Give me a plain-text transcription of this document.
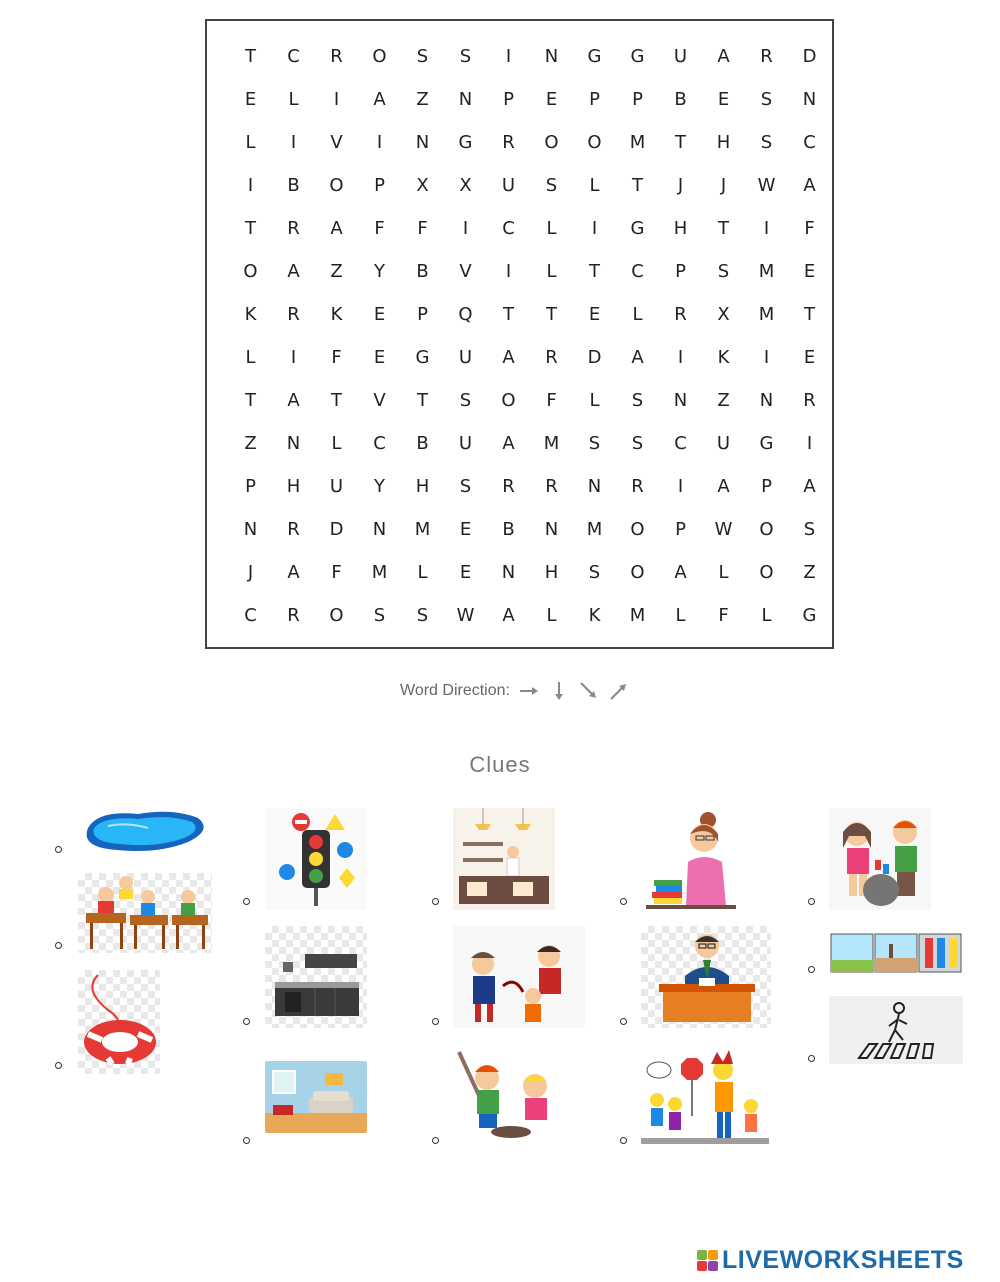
T	C	R	O	S	S	I	N	G	G	U	A	R	D
E	L	I	A	Z	N	P	E	P	P	B	E	S	N
L	I	V	I	N	G	R	O	O	M	T	H	S	C
I	B	O	P	X	X	U	S	L	T	J	J	W	A
T	R	A	F	F	I	C	L	I	G	H	T	I	F
O	A	Z	Y	B	V	I	L	T	C	P	S	M	E
K	R	K	E	P	Q	T	T	E	L	R	X	M	T
L	I	F	E	G	U	A	R	D	A	I	K	I	E
T	A	T	V	T	S	O	F	L	S	N	Z	N	R
Z	N	L	C	B	U	A	M	S	S	C	U	G	I
P	H	U	Y	H	S	R	R	N	R	I	A	P	A
N	R	D	N	M	E	B	N	M	O	P	W	O	S
J	A	F	M	L	E	N	H	S	O	A	L	O	Z
C	R	O	S	S	W	A	L	K	M	L	F	L	G
Word Direction:
Clues
LIVEWORKSHEETS
